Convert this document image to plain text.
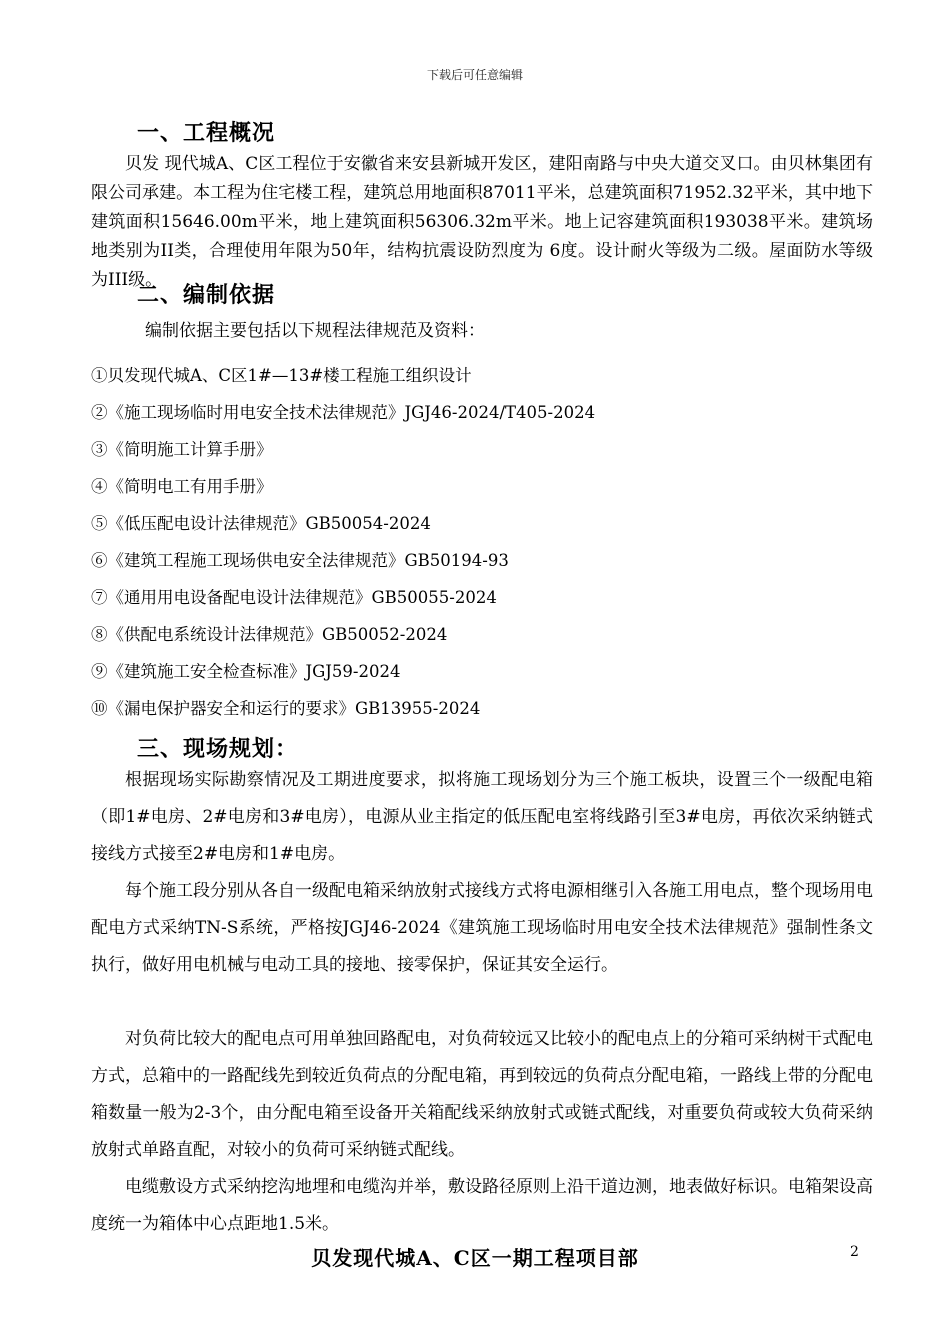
下载后可任意编辑
一、工程概况

贝发 现代城A、C区工程位于安徽省来安县新城开发区，建阳南路与中央大道交叉口。由贝林集团有限公司承建。本工程为住宅楼工程，建筑总用地面积87011平米，总建筑面积71952.32平米，其中地下建筑面积15646.00m平米，地上建筑面积56306.32m平米。地上记容建筑面积193038平米。建筑场地类别为II类，合理使用年限为50年，结构抗震设防烈度为 6度。设计耐火等级为二级。屋面防水等级为III级。

二、编制依据
编制依据主要包括以下规程法律规范及资料：
①贝发现代城A、C区1#—13#楼工程施工组织设计
②《施工现场临时用电安全技术法律规范》JGJ46-2024/T405-2024
③《简明施工计算手册》
④《简明电工有用手册》
⑤《低压配电设计法律规范》GB50054-2024
⑥《建筑工程施工现场供电安全法律规范》GB50194-93
⑦《通用用电设备配电设计法律规范》GB50055-2024
⑧《供配电系统设计法律规范》GB50052-2024
⑨《建筑施工安全检查标准》JGJ59-2024
⑩《漏电保护器安全和运行的要求》GB13955-2024
三、现场规划：

根据现场实际勘察情况及工期进度要求，拟将施工现场划分为三个施工板块，设置三个一级配电箱（即1#电房、2#电房和3#电房），电源从业主指定的低压配电室将线路引至3#电房，再依次采纳链式接线方式接至2#电房和1#电房。

每个施工段分别从各自一级配电箱采纳放射式接线方式将电源相继引入各施工用电点，整个现场用电配电方式采纳TN-S系统，严格按JGJ46-2024《建筑施工现场临时用电安全技术法律规范》强制性条文执行，做好用电机械与电动工具的接地、接零保护，保证其安全运行。

对负荷比较大的配电点可用单独回路配电，对负荷较远又比较小的配电点上的分箱可采纳树干式配电方式，总箱中的一路配线先到较近负荷点的分配电箱，再到较远的负荷点分配电箱，一路线上带的分配电箱数量一般为2-3个，由分配电箱至设备开关箱配线采纳放射式或链式配线，对重要负荷或较大负荷采纳放射式单路直配，对较小的负荷可采纳链式配线。

电缆敷设方式采纳挖沟地埋和电缆沟并举，敷设路径原则上沿干道边测，地表做好标识。电箱架设高度统一为箱体中心点距地1.5米。

贝发现代城A、C区一期工程项目部	2
